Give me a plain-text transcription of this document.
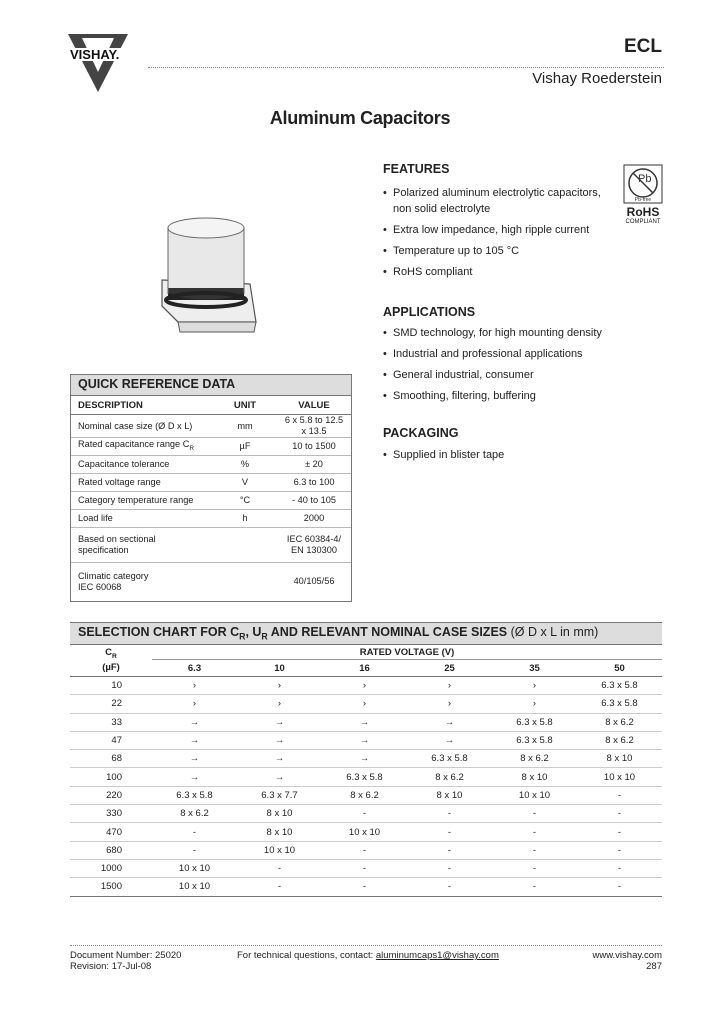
VISHAY.	ECL
Vishay Roederstein
Aluminum Capacitors
FEATURES
• Polarized aluminum electrolytic capacitors,
non solid electrolyte
• Extra low impedance, high ripple current
• Temperature up to 105 °C
• RoHS compliant
Pb
Pb-free
RoHS
COMPLIANT
APPLICATIONS
• SMD technology, for high mounting density
• Industrial and professional applications
• General industrial, consumer
• Smoothing, filtering, buffering
PACKAGING
• Supplied in blister tape
QUICK REFERENCE DATA
DESCRIPTION	UNIT	VALUE
Nominal case size (Ø D x L)	mm	6 x 5.8 to 12.5 x 13.5
Rated capacitance range $C_R$	µF	10 to 1500
Capacitance tolerance	%	± 20
Rated voltage range	V	6.3 to 100
Category temperature range	°C	- 40 to 105
Load life	h	2000
Based on sectional
specification		IEC 60384-4/
EN 130300
Climatic category
IEC 60068		40/105/56
SELECTION CHART FOR $C_R$, $U_R$ AND RELEVANT NOMINAL CASE SIZES (Ø D x L in mm)
$C_R$
(µF)	RATED VOLTAGE (V)					
	6.3	10	16	25	35	50
10	›	›	›	›	›	6.3 x 5.8
22	›	›	›	›	›	6.3 x 5.8
33	→	→	→	→	6.3 x 5.8	8 x 6.2
47	→	→	→	→	6.3 x 5.8	8 x 6.2
68	→	→	→	6.3 x 5.8	8 x 6.2	8 x 10
100	→	→	6.3 x 5.8	8 x 6.2	8 x 10	10 x 10
220	6.3 x 5.8	6.3 x 7.7	8 x 6.2	8 x 10	10 x 10	-
330	8 x 6.2	8 x 10	-	-	-	-
470	-	8 x 10	10 x 10	-	-	-
680	-	10 x 10	-	-	-	-
1000	10 x 10	-	-	-	-	-
1500	10 x 10	-	-	-	-	-
Document Number: 25020
Revision: 17-Jul-08
For technical questions, contact: aluminumcaps1@vishay.com	www.vishay.com
287
